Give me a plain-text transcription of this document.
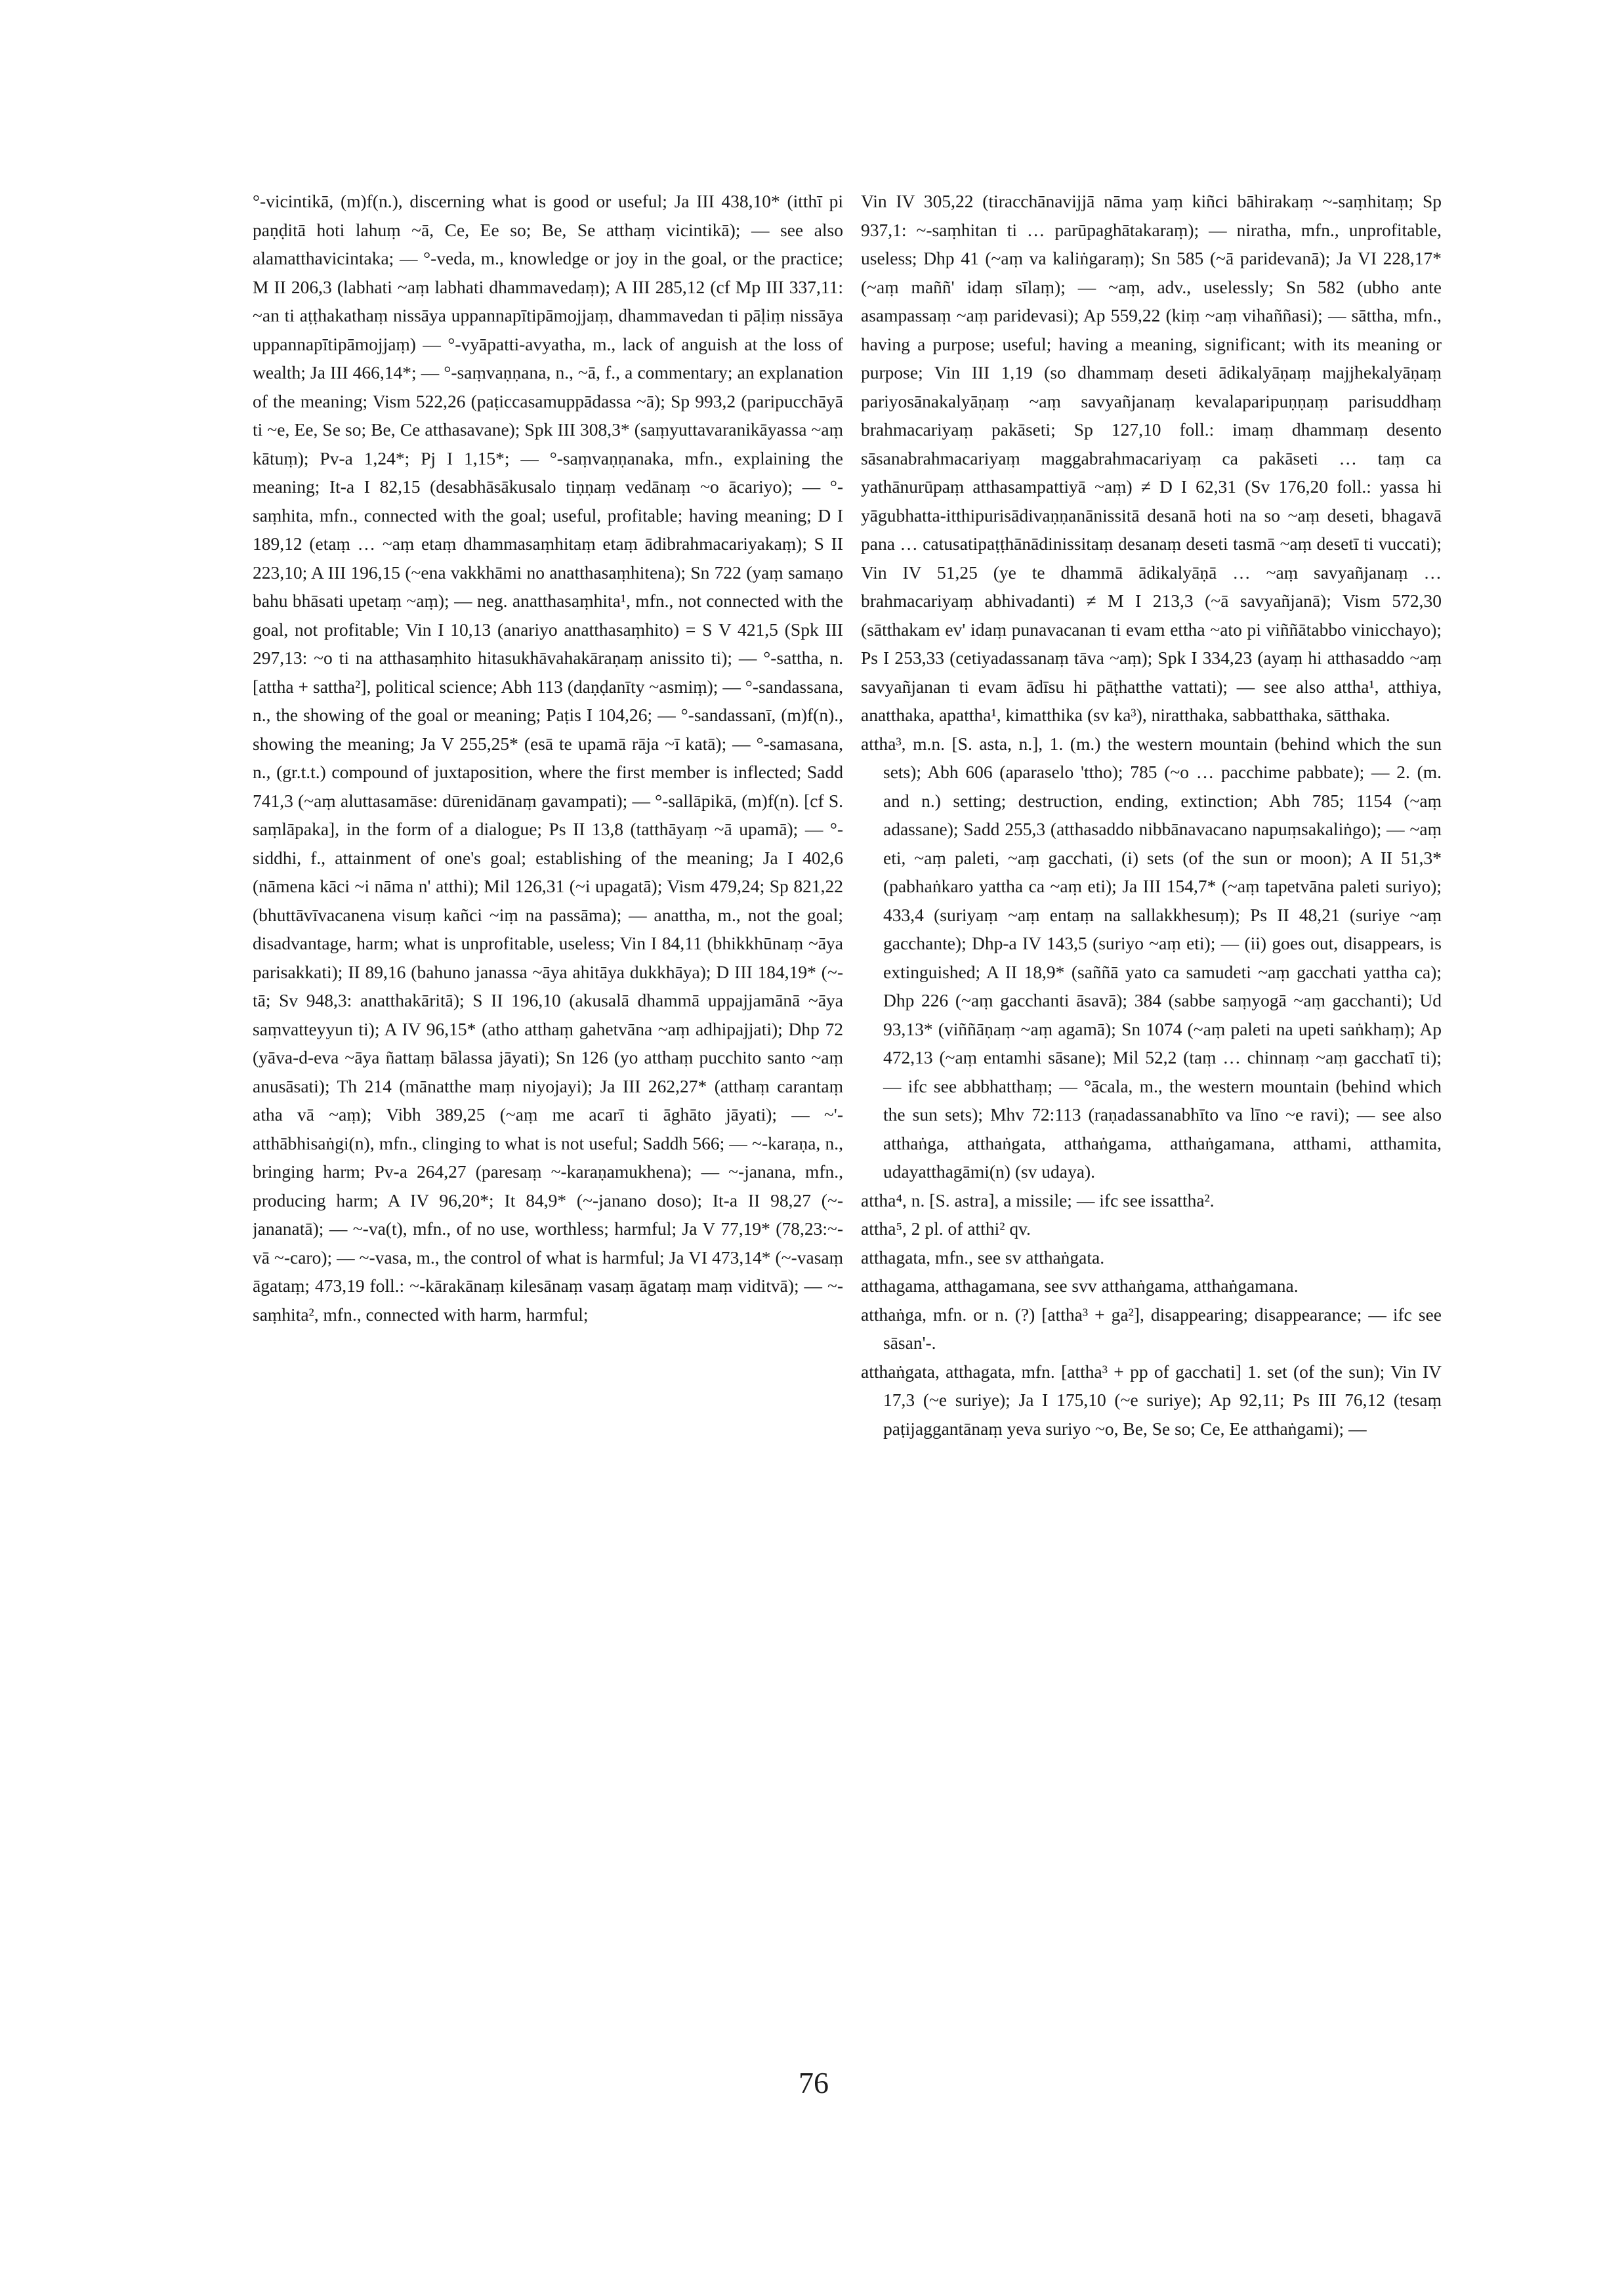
°-vicintikā, (m)f(n.), discerning what is good or useful; Ja III 438,10* (itthī pi paṇḍitā hoti lahuṃ ~ā, Ce, Ee so; Be, Se atthaṃ vicintikā); — see also alamatthavicintaka; — °-veda, m., knowledge or joy in the goal, or the practice; M II 206,3 (labhati ~aṃ labhati dhammavedaṃ); A III 285,12 (cf Mp III 337,11: ~an ti aṭṭhakathaṃ nissāya uppannapītipāmojjaṃ, dhammavedan ti pāḷiṃ nissāya uppannapītipāmojjaṃ) — °-vyāpatti-avyatha, m., lack of anguish at the loss of wealth; Ja III 466,14*; — °-saṃvaṇṇana, n., ~ā, f., a commentary; an explanation of the meaning; Vism 522,26 (paṭiccasamuppādassa ~ā); Sp 993,2 (paripucchāyā ti ~e, Ee, Se so; Be, Ce atthasavane); Spk III 308,3* (saṃyuttavaranikāyassa ~aṃ kātuṃ); Pv-a 1,24*; Pj I 1,15*; — °-saṃvaṇṇanaka, mfn., explaining the meaning; It-a I 82,15 (desabhāsākusalo tiṇṇaṃ vedānaṃ ~o ācariyo); — °-saṃhita, mfn., connected with the goal; useful, profitable; having meaning; D I 189,12 (etaṃ … ~aṃ etaṃ dhammasaṃhitaṃ etaṃ ādibrahmacariyakaṃ); S II 223,10; A III 196,15 (~ena vakkhāmi no anatthasaṃhitena); Sn 722 (yaṃ samaṇo bahu bhāsati upetaṃ ~aṃ); — neg. anatthasaṃhita¹, mfn., not connected with the goal, not profitable; Vin I 10,13 (anariyo anatthasaṃhito) = S V 421,5 (Spk III 297,13: ~o ti na atthasaṃhito hitasukhāvahakāraṇaṃ anissito ti); — °-sattha, n. [attha + sattha²], political science; Abh 113 (daṇḍanīty ~asmiṃ); — °-sandassana, n., the showing of the goal or meaning; Paṭis I 104,26; — °-sandassanī, (m)f(n)., showing the meaning; Ja V 255,25* (esā te upamā rāja ~ī katā); — °-samasana, n., (gr.t.t.) compound of juxtaposition, where the first member is inflected; Sadd 741,3 (~aṃ aluttasamāse: dūrenidānaṃ gavampati); — °-sallāpikā, (m)f(n). [cf S. saṃlāpaka], in the form of a dialogue; Ps II 13,8 (tatthāyaṃ ~ā upamā); — °-siddhi, f., attainment of one's goal; establishing of the meaning; Ja I 402,6 (nāmena kāci ~i nāma n' atthi); Mil 126,31 (~i upagatā); Vism 479,24; Sp 821,22 (bhuttāvīvacanena visuṃ kañci ~iṃ na passāma); — anattha, m., not the goal; disadvantage, harm; what is unprofitable, useless; Vin I 84,11 (bhikkhūnaṃ ~āya parisakkati); II 89,16 (bahuno janassa ~āya ahitāya dukkhāya); D III 184,19* (~-tā; Sv 948,3: anatthakāritā); S II 196,10 (akusalā dhammā uppajjamānā ~āya saṃvatteyyun ti); A IV 96,15* (atho atthaṃ gahetvāna ~aṃ adhipajjati); Dhp 72 (yāva-d-eva ~āya ñattaṃ bālassa jāyati); Sn 126 (yo atthaṃ pucchito santo ~aṃ anusāsati); Th 214 (mānatthe maṃ niyojayi); Ja III 262,27* (atthaṃ carantaṃ atha vā ~aṃ); Vibh 389,25 (~aṃ me acarī ti āghāto jāyati); — ~'-atthābhisaṅgi(n), mfn., clinging to what is not useful; Saddh 566; — ~-karaṇa, n., bringing harm; Pv-a 264,27 (paresaṃ ~-karaṇamukhena); — ~-janana, mfn., producing harm; A IV 96,20*; It 84,9* (~-janano doso); It-a II 98,27 (~-jananatā); — ~-va(t), mfn., of no use, worthless; harmful; Ja V 77,19* (78,23:~-vā ~-caro); — ~-vasa, m., the control of what is harmful; Ja VI 473,14* (~-vasaṃ āgataṃ; 473,19 foll.: ~-kārakānaṃ kilesānaṃ vasaṃ āgataṃ maṃ viditvā); — ~-saṃhita², mfn., connected with harm, harmful;

Vin IV 305,22 (tiracchānavijjā nāma yaṃ kiñci bāhirakaṃ ~-saṃhitaṃ; Sp 937,1: ~-saṃhitan ti … parūpaghātakaraṃ); — niratha, mfn., unprofitable, useless; Dhp 41 (~aṃ va kaliṅgaraṃ); Sn 585 (~ā paridevanā); Ja VI 228,17* (~aṃ maññ' idaṃ sīlaṃ); — ~aṃ, adv., uselessly; Sn 582 (ubho ante asampassaṃ ~aṃ paridevasi); Ap 559,22 (kiṃ ~aṃ vihaññasi); — sāttha, mfn., having a purpose; useful; having a meaning, significant; with its meaning or purpose; Vin III 1,19 (so dhammaṃ deseti ādikalyāṇaṃ majjhekalyāṇaṃ pariyosānakalyāṇaṃ ~aṃ savyañjanaṃ kevalaparipuṇṇaṃ parisuddhaṃ brahmacariyaṃ pakāseti; Sp 127,10 foll.: imaṃ dhammaṃ desento sāsanabrahmacariyaṃ maggabrahmacariyaṃ ca pakāseti … taṃ ca yathānurūpaṃ atthasampattiyā ~aṃ) ≠ D I 62,31 (Sv 176,20 foll.: yassa hi yāgubhatta-itthipurisādivaṇṇanānissitā desanā hoti na so ~aṃ deseti, bhagavā pana … catusatipaṭṭhānādinissitaṃ desanaṃ deseti tasmā ~aṃ desetī ti vuccati); Vin IV 51,25 (ye te dhammā ādikalyāṇā … ~aṃ savyañjanaṃ … brahmacariyaṃ abhivadanti) ≠ M I 213,3 (~ā savyañjanā); Vism 572,30 (sātthakam ev' idaṃ punavacanan ti evam ettha ~ato pi viññātabbo vinicchayo); Ps I 253,33 (cetiyadassanaṃ tāva ~aṃ); Spk I 334,23 (ayaṃ hi atthasaddo ~aṃ savyañjanan ti evam ādīsu hi pāṭhatthe vattati); — see also attha¹, atthiya, anatthaka, apattha¹, kimatthika (sv ka³), niratthaka, sabbatthaka, sātthaka.

attha³, m.n. [S. asta, n.], 1. (m.) the western mountain (behind which the sun sets); Abh 606 (aparaselo 'ttho); 785 (~o … pacchime pabbate); — 2. (m. and n.) setting; destruction, ending, extinction; Abh 785; 1154 (~aṃ adassane); Sadd 255,3 (atthasaddo nibbānavacano napuṃsakaliṅgo); — ~aṃ eti, ~aṃ paleti, ~aṃ gacchati, (i) sets (of the sun or moon); A II 51,3* (pabhaṅkaro yattha ca ~aṃ eti); Ja III 154,7* (~aṃ tapetvāna paleti suriyo); 433,4 (suriyaṃ ~aṃ entaṃ na sallakkhesuṃ); Ps II 48,21 (suriye ~aṃ gacchante); Dhp-a IV 143,5 (suriyo ~aṃ eti); — (ii) goes out, disappears, is extinguished; A II 18,9* (saññā yato ca samudeti ~aṃ gacchati yattha ca); Dhp 226 (~aṃ gacchanti āsavā); 384 (sabbe saṃyogā ~aṃ gacchanti); Ud 93,13* (viññāṇaṃ ~aṃ agamā); Sn 1074 (~aṃ paleti na upeti saṅkhaṃ); Ap 472,13 (~aṃ entamhi sāsane); Mil 52,2 (taṃ … chinnaṃ ~aṃ gacchatī ti); — ifc see abbhatthaṃ; — °ācala, m., the western mountain (behind which the sun sets); Mhv 72:113 (raṇadassanabhīto va līno ~e ravi); — see also atthaṅga, atthaṅgata, atthaṅgama, atthaṅgamana, atthami, atthamita, udayatthagāmi(n) (sv udaya).

attha⁴, n. [S. astra], a missile; — ifc see issattha².

attha⁵, 2 pl. of atthi² qv.

atthagata, mfn., see sv atthaṅgata.

atthagama, atthagamana, see svv atthaṅgama, atthaṅgamana.

atthaṅga, mfn. or n. (?) [attha³ + ga²], disappearing; disappearance; — ifc see sāsan'-.

atthaṅgata, atthagata, mfn. [attha³ + pp of gacchati] 1. set (of the sun); Vin IV 17,3 (~e suriye); Ja I 175,10 (~e suriye); Ap 92,11; Ps III 76,12 (tesaṃ paṭijaggantānaṃ yeva suriyo ~o, Be, Se so; Ce, Ee atthaṅgami); —

76
